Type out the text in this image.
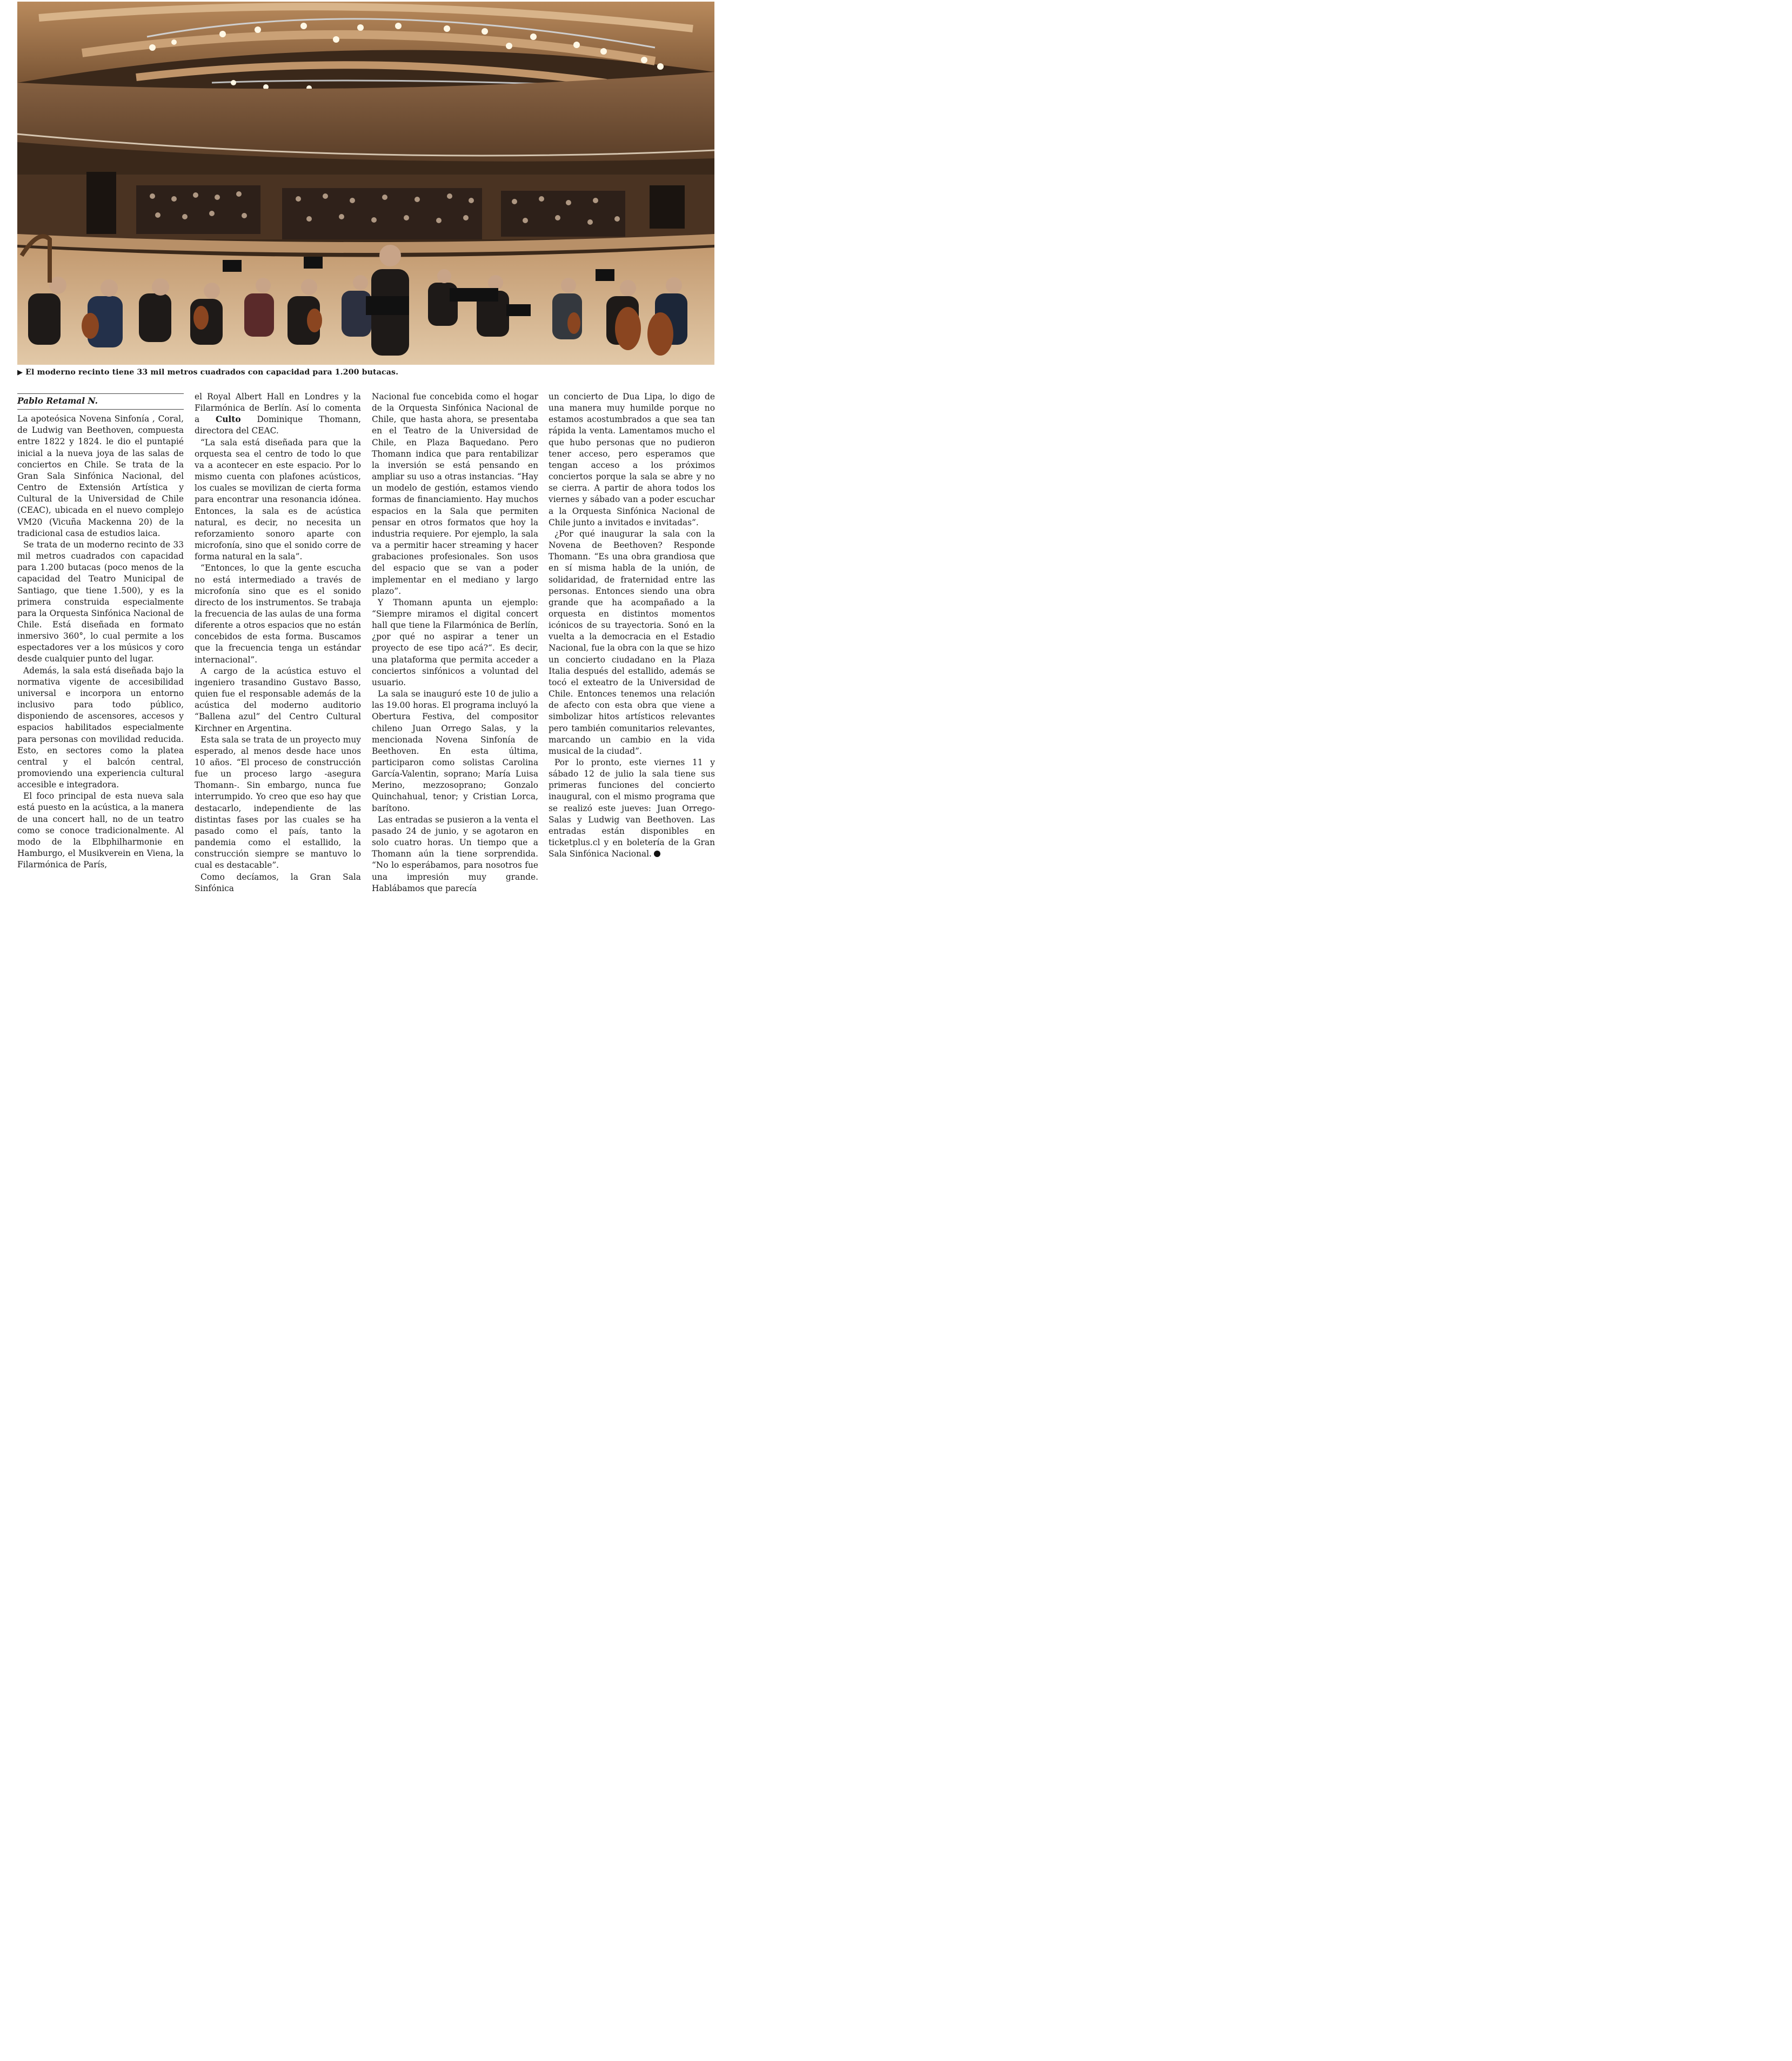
▶ El moderno recinto tiene 33 mil metros cuadrados con capacidad para 1.200 butacas.
Pablo Retamal N.

La apoteósica Novena Sinfonía , Coral, de Ludwig van Beethoven, compuesta entre 1822 y 1824. le dio el puntapié inicial a la nueva joya de las salas de conciertos en Chile. Se trata de la Gran Sala Sinfónica Nacional, del Centro de Extensión Artística y Cultural de la Universidad de Chile (CEAC), ubicada en el nuevo complejo VM20 (Vicuña Mackenna 20) de la tradicional casa de estudios laica.

Se trata de un moderno recinto de 33 mil metros cuadrados con capacidad para 1.200 butacas (poco menos de la capacidad del Teatro Municipal de Santiago, que tiene 1.500), y es la primera construida especialmente para la Orquesta Sinfónica Nacional de Chile. Está diseñada en formato inmersivo 360°, lo cual permite a los espectadores ver a los músicos y coro desde cualquier punto del lugar.

Además, la sala está diseñada bajo la normativa vigente de accesibilidad universal e incorpora un entorno inclusivo para todo público, disponiendo de ascensores, accesos y espacios habilitados especialmente para personas con movilidad reducida. Esto, en sectores como la platea central y el balcón central, promoviendo una experiencia cultural accesible e integradora.

El foco principal de esta nueva sala está puesto en la acústica, a la manera de una concert hall, no de un teatro como se conoce tradicionalmente. Al modo de la Elbphilharmonie en Hamburgo, el Musikverein en Viena, la Filarmónica de París,

el Royal Albert Hall en Londres y la Filarmónica de Berlín. Así lo comenta a Culto Dominique Thomann, directora del CEAC.

“La sala está diseñada para que la orquesta sea el centro de todo lo que va a acontecer en este espacio. Por lo mismo cuenta con plafones acústicos, los cuales se movilizan de cierta forma para encontrar una resonancia idónea. Entonces, la sala es de acústica natural, es decir, no necesita un reforzamiento sonoro aparte con microfonía, sino que el sonido corre de forma natural en la sala”.

“Entonces, lo que la gente escucha no está intermediado a través de microfonía sino que es el sonido directo de los instrumentos. Se trabaja la frecuencia de las aulas de una forma diferente a otros espacios que no están concebidos de esta forma. Buscamos que la frecuencia tenga un estándar internacional”.

A cargo de la acústica estuvo el ingeniero trasandino Gustavo Basso, quien fue el responsable además de la acústica del moderno auditorio “Ballena azul” del Centro Cultural Kirchner en Argentina.

Esta sala se trata de un proyecto muy esperado, al menos desde hace unos 10 años. “El proceso de construcción fue un proceso largo -asegura Thomann-. Sin embargo, nunca fue interrumpido. Yo creo que eso hay que destacarlo, independiente de las distintas fases por las cuales se ha pasado como el país, tanto la pandemia como el estallido, la construcción siempre se mantuvo lo cual es destacable”.

Como decíamos, la Gran Sala Sinfónica

Nacional fue concebida como el hogar de la Orquesta Sinfónica Nacional de Chile, que hasta ahora, se presentaba en el Teatro de la Universidad de Chile, en Plaza Baquedano. Pero Thomann indica que para rentabilizar la inversión se está pensando en ampliar su uso a otras instancias. “Hay un modelo de gestión, estamos viendo formas de financiamiento. Hay muchos espacios en la Sala que permiten pensar en otros formatos que hoy la industria requiere. Por ejemplo, la sala va a permitir hacer streaming y hacer grabaciones profesionales. Son usos del espacio que se van a poder implementar en el mediano y largo plazo”.

Y Thomann apunta un ejemplo: “Siempre miramos el digital concert hall que tiene la Filarmónica de Berlín, ¿por qué no aspirar a tener un proyecto de ese tipo acá?“. Es decir, una plataforma que permita acceder a conciertos sinfónicos a voluntad del usuario.

La sala se inauguró este 10 de julio a las 19.00 horas. El programa incluyó la Obertura Festiva, del compositor chileno Juan Orrego Salas, y la mencionada Novena Sinfonía de Beethoven. En esta última, participaron como solistas Carolina García-Valentin, soprano; María Luisa Merino, mezzosoprano; Gonzalo Quinchahual, tenor; y Cristian Lorca, barítono.

Las entradas se pusieron a la venta el pasado 24 de junio, y se agotaron en solo cuatro horas. Un tiempo que a Thomann aún la tiene sorprendida. “No lo esperábamos, para nosotros fue una impresión muy grande. Hablábamos que parecía

un concierto de Dua Lipa, lo digo de una manera muy humilde porque no estamos acostumbrados a que sea tan rápida la venta. Lamentamos mucho el que hubo personas que no pudieron tener acceso, pero esperamos que tengan acceso a los próximos conciertos porque la sala se abre y no se cierra. A partir de ahora todos los viernes y sábado van a poder escuchar a la Orquesta Sinfónica Nacional de Chile junto a invitados e invitadas”.

¿Por qué inaugurar la sala con la Novena de Beethoven? Responde Thomann. “Es una obra grandiosa que en sí misma habla de la unión, de solidaridad, de fraternidad entre las personas. Entonces siendo una obra grande que ha acompañado a la orquesta en distintos momentos icónicos de su trayectoria. Sonó en la vuelta a la democracia en el Estadio Nacional, fue la obra con la que se hizo un concierto ciudadano en la Plaza Italia después del estallido, además se tocó el exteatro de la Universidad de Chile. Entonces tenemos una relación de afecto con esta obra que viene a simbolizar hitos artísticos relevantes pero también comunitarios relevantes, marcando un cambio en la vida musical de la ciudad”.

Por lo pronto, este viernes 11 y sábado 12 de julio la sala tiene sus primeras funciones del concierto inaugural, con el mismo programa que se realizó este jueves: Juan Orrego-Salas y Ludwig van Beethoven. Las entradas están disponibles en ticketplus.cl y en boletería de la Gran Sala Sinfónica Nacional.
